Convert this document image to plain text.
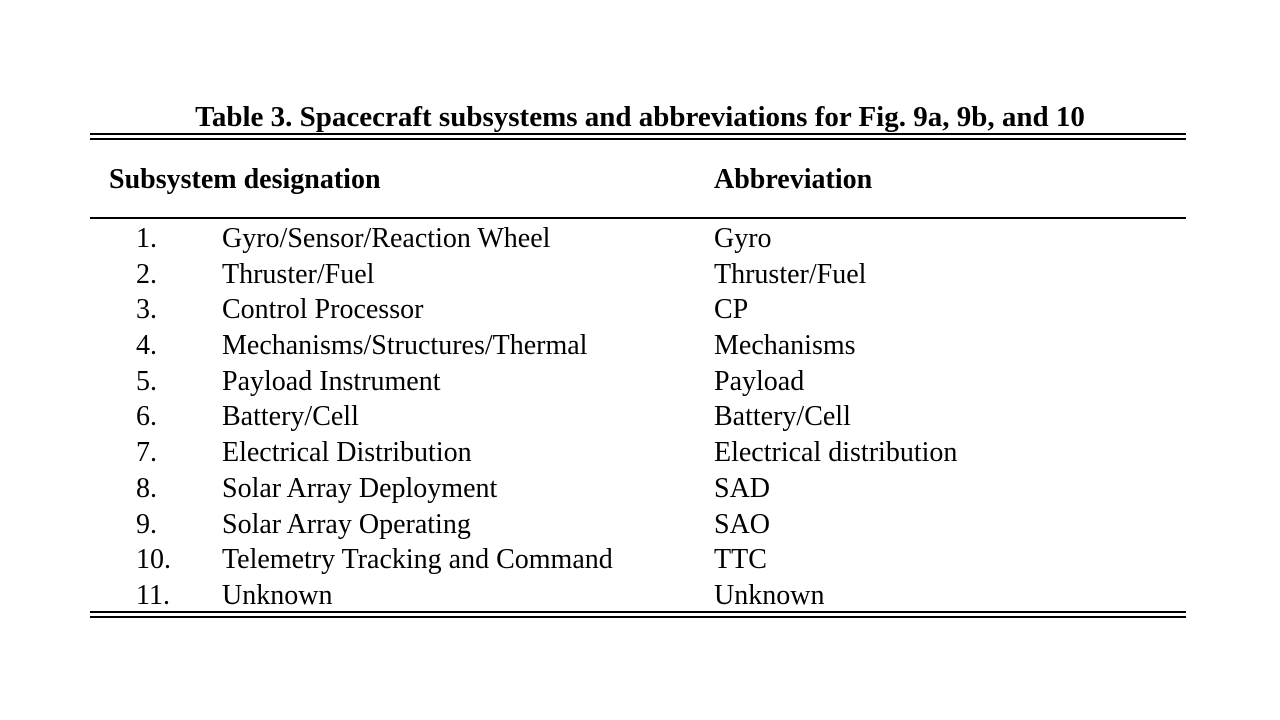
Table 3. Spacecraft subsystems and abbreviations for Fig. 9a, 9b, and 10
Subsystem designation	Abbreviation
1. Gyro/Sensor/Reaction Wheel	Gyro
2. Thruster/Fuel	Thruster/Fuel
3. Control Processor	CP
4. Mechanisms/Structures/Thermal	Mechanisms
5. Payload Instrument	Payload
6. Battery/Cell	Battery/Cell
7. Electrical Distribution	Electrical distribution
8. Solar Array Deployment	SAD
9. Solar Array Operating	SAO
10. Telemetry Tracking and Command	TTC
11. Unknown	Unknown
